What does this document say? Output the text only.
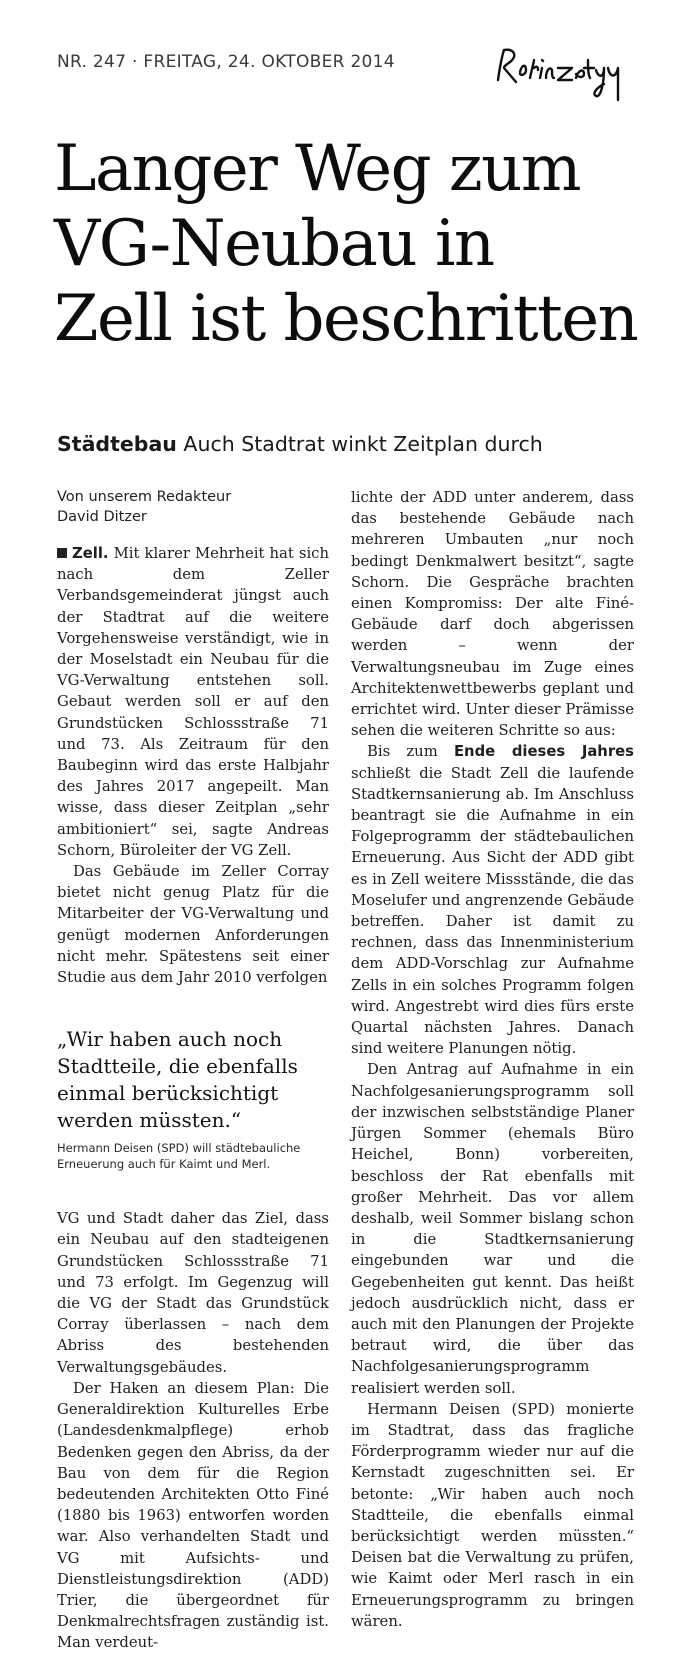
NR. 247 · FREITAG, 24. OKTOBER 2014
Langer Weg zum
VG-Neubau in
Zell ist beschritten
Städtebau Auch Stadtrat winkt Zeitplan durch
Von unserem Redakteur
David Ditzer

Zell. Mit klarer Mehrheit hat sich nach dem Zeller Verbandsgemeinderat jüngst auch der Stadtrat auf die weitere Vorgehensweise verständigt, wie in der Moselstadt ein Neubau für die VG-Verwaltung entstehen soll. Gebaut werden soll er auf den Grundstücken Schlossstraße 71 und 73. Als Zeitraum für den Baubeginn wird das erste Halbjahr des Jahres 2017 angepeilt. Man wisse, dass dieser Zeitplan „sehr ambitioniert“ sei, sagte Andreas Schorn, Büroleiter der VG Zell.

Das Gebäude im Zeller Corray bietet nicht genug Platz für die Mitarbeiter der VG-Verwaltung und genügt modernen Anforderungen nicht mehr. Spätestens seit einer Studie aus dem Jahr 2010 verfolgen

„Wir haben auch noch Stadtteile, die ebenfalls einmal berücksichtigt werden müssten.“
Hermann Deisen (SPD) will städtebauliche Erneuerung auch für Kaimt und Merl.

VG und Stadt daher das Ziel, dass ein Neubau auf den stadteigenen Grundstücken Schlossstraße 71 und 73 erfolgt. Im Gegenzug will die VG der Stadt das Grundstück Corray überlassen – nach dem Abriss des bestehenden Verwaltungsgebäudes.

Der Haken an diesem Plan: Die Generaldirektion Kulturelles Erbe (Landesdenkmalpflege) erhob Bedenken gegen den Abriss, da der Bau von dem für die Region bedeutenden Architekten Otto Finé (1880 bis 1963) entworfen worden war. Also verhandelten Stadt und VG mit Aufsichts- und Dienstleistungsdirektion (ADD) Trier, die übergeordnet für Denkmalrechtsfragen zuständig ist. Man verdeut-

lichte der ADD unter anderem, dass das bestehende Gebäude nach mehreren Umbauten „nur noch bedingt Denkmalwert besitzt“, sagte Schorn. Die Gespräche brachten einen Kompromiss: Der alte Finé-Gebäude darf doch abgerissen werden – wenn der Verwaltungsneubau im Zuge eines Architektenwettbewerbs geplant und errichtet wird. Unter dieser Prämisse sehen die weiteren Schritte so aus:

Bis zum Ende dieses Jahres schließt die Stadt Zell die laufende Stadtkernsanierung ab. Im Anschluss beantragt sie die Aufnahme in ein Folgeprogramm der städtebaulichen Erneuerung. Aus Sicht der ADD gibt es in Zell weitere Missstände, die das Moselufer und angrenzende Gebäude betreffen. Daher ist damit zu rechnen, dass das Innenministerium dem ADD-Vorschlag zur Aufnahme Zells in ein solches Programm folgen wird. Angestrebt wird dies fürs erste Quartal nächsten Jahres. Danach sind weitere Planungen nötig.

Den Antrag auf Aufnahme in ein Nachfolgesanierungsprogramm soll der inzwischen selbstständige Planer Jürgen Sommer (ehemals Büro Heichel, Bonn) vorbereiten, beschloss der Rat ebenfalls mit großer Mehrheit. Das vor allem deshalb, weil Sommer bislang schon in die Stadtkernsanierung eingebunden war und die Gegebenheiten gut kennt. Das heißt jedoch ausdrücklich nicht, dass er auch mit den Planungen der Projekte betraut wird, die über das Nachfolgesanierungsprogramm realisiert werden soll.

Hermann Deisen (SPD) monierte im Stadtrat, dass das fragliche Förderprogramm wieder nur auf die Kernstadt zugeschnitten sei. Er betonte: „Wir haben auch noch Stadtteile, die ebenfalls einmal berücksichtigt werden müssten.“ Deisen bat die Verwaltung zu prüfen, wie Kaimt oder Merl rasch in ein Erneuerungsprogramm zu bringen wären.
